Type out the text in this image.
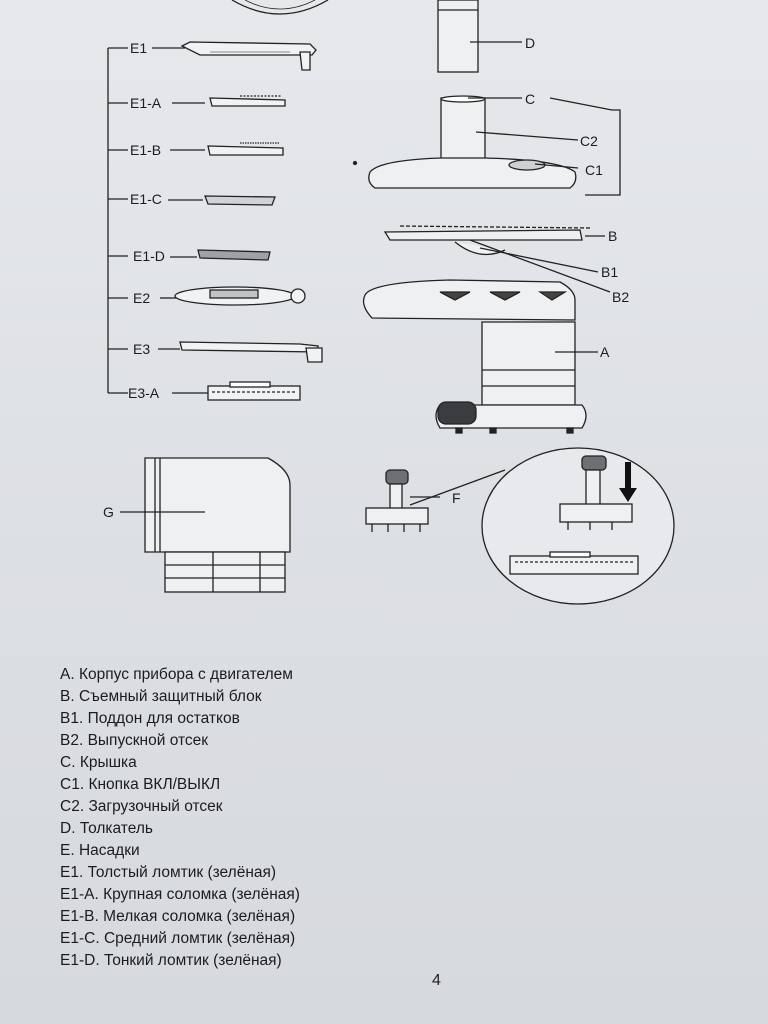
E1
E1-A
E1-B
E1-C
E1-D
E2
E3
E3-A
D
C
C2
C1
B
B1
B2
A
G
F
A. Корпус прибора с двигателем
B. Съемный защитный блок
B1. Поддон для остатков
B2. Выпускной отсек
C. Крышка
C1. Кнопка ВКЛ/ВЫКЛ
C2. Загрузочный отсек
D. Толкатель
E. Насадки
E1. Толстый ломтик (зелёная)
E1-A. Крупная соломка (зелёная)
E1-B. Мелкая соломка (зелёная)
E1-C. Средний ломтик (зелёная)
E1-D. Тонкий ломтик (зелёная)
4
